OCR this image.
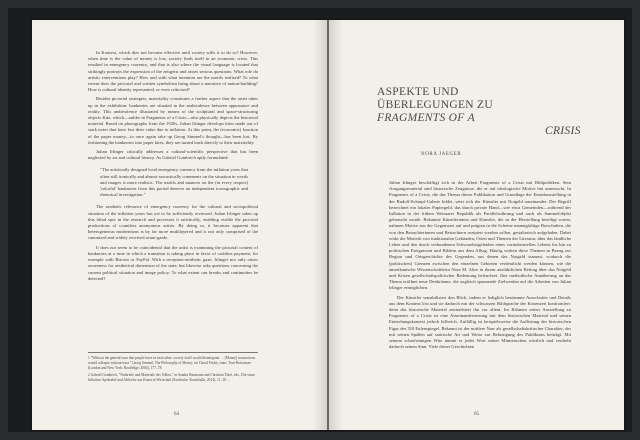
In Kontext, which dies not become effective until society wills it to do so? However, when time is the value of money is lost, society finds itself in an economic crisis. This resulted in emergency currency, and that is also where the visual language is located that strikingly portrays the expression of the zeitgeist and raises serious questions: What role do artistic interventions play? How and with what intention are the motifs realised? To what extent does the pictorial and written symbolism bring about a narrative of nation-building? How is cultural identity represented, or even criticised?

Besides pictorial strategies, materiality constitutes a further aspect that the artist takes up in the exhibition: banknotes are situated in the ambivalence between appearance and reality. This ambivalence illustrated by means of the sculptural and space-structuring objects Kite, which—unlike in Fragments of a Crisis—also physically depicts the historical material. Based on photographs from the 1920s, Julian Irlinger develops kites made out of stark notes that have lost their value due to inflation. At this point, the (economic) function of the paper money—to once again take up Georg Simmel's thought—has been lost. By fashioning the banknotes into paper kites, they are turned back directly to their materiality.

Julian Irlinger critically addresses a cultural-scientific perspective that has been neglected by art and cultural history. As Gabriel Gombrich aptly formulated:

"The artistically designed local emergency currency from the inflation years that often still ironically and almost sarcastically comments on the situation in words and images is more realistic. The motifs and nuances on the (in every respect) 'colorful' banknotes from this period deserve an independent iconographic and rhetorical investigation."

The aesthetic relevance of emergency currency for the cultural and sociopolitical situation of the inflation years has yet to be sufficiently reviewed. Julian Irlinger takes up this blind spot in the research and processes it artistically, enabling visible the pictorial productions of countless anonymous artists. By doing so, it becomes apparent that heterogeneous modernisms is by far more multilayered and is not only comprised of the canonised and widely received avant-garde.

It does not seem to be coincidental that the artist is examining the pictorial content of banknotes at a time in which a transition is taking place in favor of cashless payment, for example with Bitcoin or PayPal. With a reception-aesthetic gaze, Irlinger not only raises awareness for aesthetical dimension of the state, but likewise asks questions concerning the current political situation and image policy: To what extent can breaks and continuities be detected?

1 "Without the general trust that people have in each other, society itself would disintegrate. ... [Money] transactions would collapse without trust." Georg Simmel, The Philosophy of Money, ed. David Frisby, trans. Tom Bottomore (London and New York: Routledge, 2004), 177–78.
2 Gabriel Gombrich, "Notbriefe und Materiale des Volkes," in Sandra Hartmann and Christian Thiel, eds., Die süsse Inflation: Spektakel und Altleiche aus Kunst in Wirtschaft (Karlsruhe: Kunsthalle, 2014), 11–18 ...
64
ASPEKTE UND
ÜBERLEGUNGEN ZU
FRAGMENTS OF A
CRISIS
NORA JAEGER

Julian Irlinger beschäftigt sich in der Arbeit Fragments of a Crisis mit Bildpolitiken. Sein Ausgangsmaterial sind historische Zeugnisse, die er auf ideologische Motive hin untersucht. In Fragments of a Crisis, die das Thema dieser Publikation und Grundlage der Einzelausstellung in der Rudolf-Scharpf-Galerie bildet, setzt sich der Künstler mit Notgeld auseinander. Der Begriff bezeichnet ein lokales Papiergeld, das durch private Hand—wie etwa Gemeinden—während der Inflation in der frühen Weimarer Republik als Parallelwährung und auch als Sammelobjekt gebraucht wurde. Bekannte Künstlerinnen und Künstler, die in der Herstellung beteiligt waren, nahmen Motive aus der Gegenwart auf und prägten in die Scheine mannigfaltige Botschaften, die von den Betrachterinnen und Betrachtern rezipiert werden sollen, gestalterisch aufgeladen. Dabei wirkt die Motivik von funktionalen Gebäuden, Orten und Themen der Literatur, über das ländliche Leben und den durch verbundenen Schwarzbörgeleiden eines vorindustriellen Lebens bis hin zu politischen Ereignissen und Bildern aus dem Alltag. Häufig wirken diese Themen in Bezug zur Region und Ortsgeschichte des Gegenden, aus denen das Notgeld stammt, wodurch die (politischen) Grenzen zwischen den einzelnen Gebieten verdeutlicht werden können, wie die amerikanische Wissenschaftlerin Nora M. Alter in ihrem ausführlichen Beitrag über das Notgeld und Krisen gesellschaftspolitischer Bedeutung beleuchtet. Ihre methodische Annäherung an das Thema eröffnet neue Denkräume, die zugleich spannende Zielwerden auf die Arbeiten von Julian Irlinger ermöglichen.

Der Künstler sensibilisiert den Blick, indem er lediglich bestimmte Ausschnitte und Details aus dem Kontext löst und sie dadurch mit der schwarzen Bildsprache der Krisenzeit konfrontiert: denn das historische Material zentralisiert ihn vor allem. Im Rahmen seiner Ausstellung zu Fragments of a Crisis ist eine Auseinandersetzung mit dem historischen Material und seinen Entstehungskontext jedoch hilfreich. Auffällig ist beispielsweise die Auflistung der historischen Figur des Till Eulenspiegel. Bekannt ist der mittlere Narr als gesellschaftskritischer Charakter, der mit seinen Späßen auf satirische Art und Weise zur Belustigung des Publikums beiträgt. Mit seinem scharfsinnigen Witz nimmt er jedes Wort seiner Mitmenschen wörtlich und verdreht dadurch seinen Sinn. Viele dieser Geschichten

65
